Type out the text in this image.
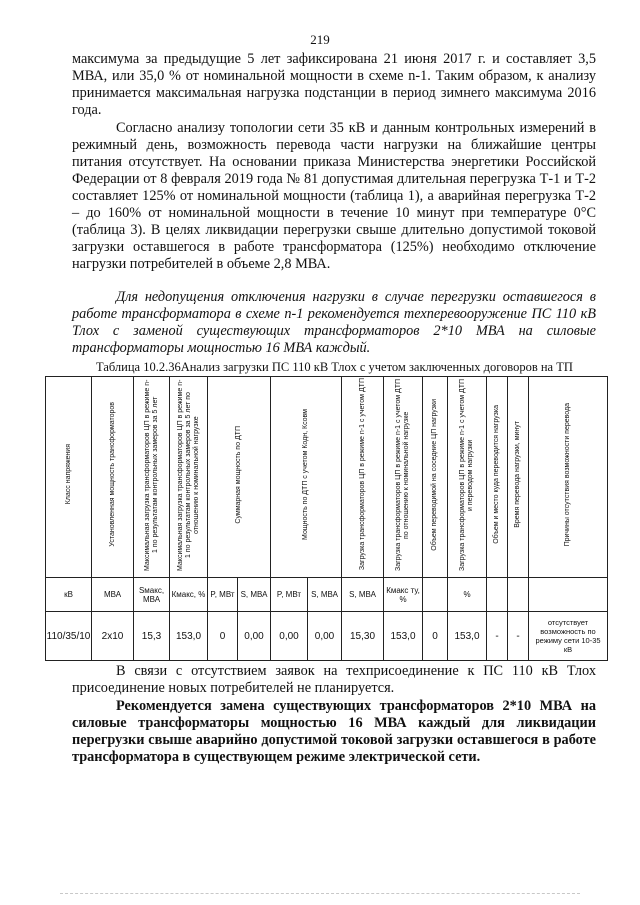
219

максимума за предыдущие 5 лет зафиксирована 21 июня 2017 г. и составляет 3,5 МВА, или 35,0 % от номинальной мощности в схеме n-1. Таким образом, к анализу принимается максимальная нагрузка подстанции в период зимнего максимума 2016 года.

Согласно анализу топологии сети 35 кВ и данным контрольных измерений в режимный день, возможность перевода части нагрузки на ближайшие центры питания отсутствует. На основании приказа Министерства энергетики Российской Федерации от 8 февраля 2019 года № 81 допустимая длительная перегрузка Т-1 и Т-2 составляет 125% от номинальной мощности (таблица 1), а аварийная перегрузка Т-2 – до 160% от номинальной мощности в течение 10 минут при температуре 0°С (таблица 3). В целях ликвидации перегрузки свыше длительно допустимой токовой загрузки оставшегося в работе трансформатора (125%) необходимо отключение нагрузки потребителей в объеме 2,8 МВА.

Для недопущения отключения нагрузки в случае перегрузки оставшегося в работе трансформатора в схеме n-1 рекомендуется техперевооружение ПС 110 кВ Тлох с заменой существующих трансформаторов 2*10 МВА на силовые трансформаторы мощностью 16 МВА каждый.

Таблица 10.2.36Анализ загрузки ПС 110 кВ Тлох с учетом заключенных договоров на ТП
Класс напряжения	Установленная мощность трансформаторов	Максимальная загрузка трансформаторов ЦП в режиме n-1 по результатам контрольных замеров за 5 лет	Максимальная загрузка трансформаторов ЦП в режиме n-1 по результатам контрольных замеров за 5 лет по отношению к номинальной нагрузке	Суммарная мощность по ДТП		Мощность по ДТП с учетом Кодн, Ксовм		Загрузка трансформаторов ЦП в режиме n-1 с учетом ДТП	Загрузка трансформаторов ЦП в режиме n-1 с учетом ДТП по отношению к номинальной нагрузке	Объем переводимой на соседние ЦП нагрузки	Загрузка трансформаторов ЦП в режиме n-1 с учетом ДТП и переводом нагрузки	Объем и место куда переводится нагрузка	Время перевода нагрузки, минут	Причины отсутствия возможности перевода
кВ	МВА	Sмакс, МВА	Кмакс, %	P, МВт	S, МВА	P, МВт	S, МВА	S, МВА	Кмакс ту, %		%			
110/35/10	2x10	15,3	153,0	0	0,00	0,00	0,00	15,30	153,0	0	153,0	-	-	отсутствует возможность по режиму сети 10-35 кВ

В связи с отсутствием заявок на техприсоединение к ПС 110 кВ Тлох присоединение новых потребителей не планируется.

Рекомендуется замена существующих трансформаторов 2*10 МВА на силовые трансформаторы мощностью 16 МВА каждый для ликвидации перегрузки свыше аварийно допустимой токовой загрузки оставшегося в работе трансформатора в существующем режиме электрической сети.
